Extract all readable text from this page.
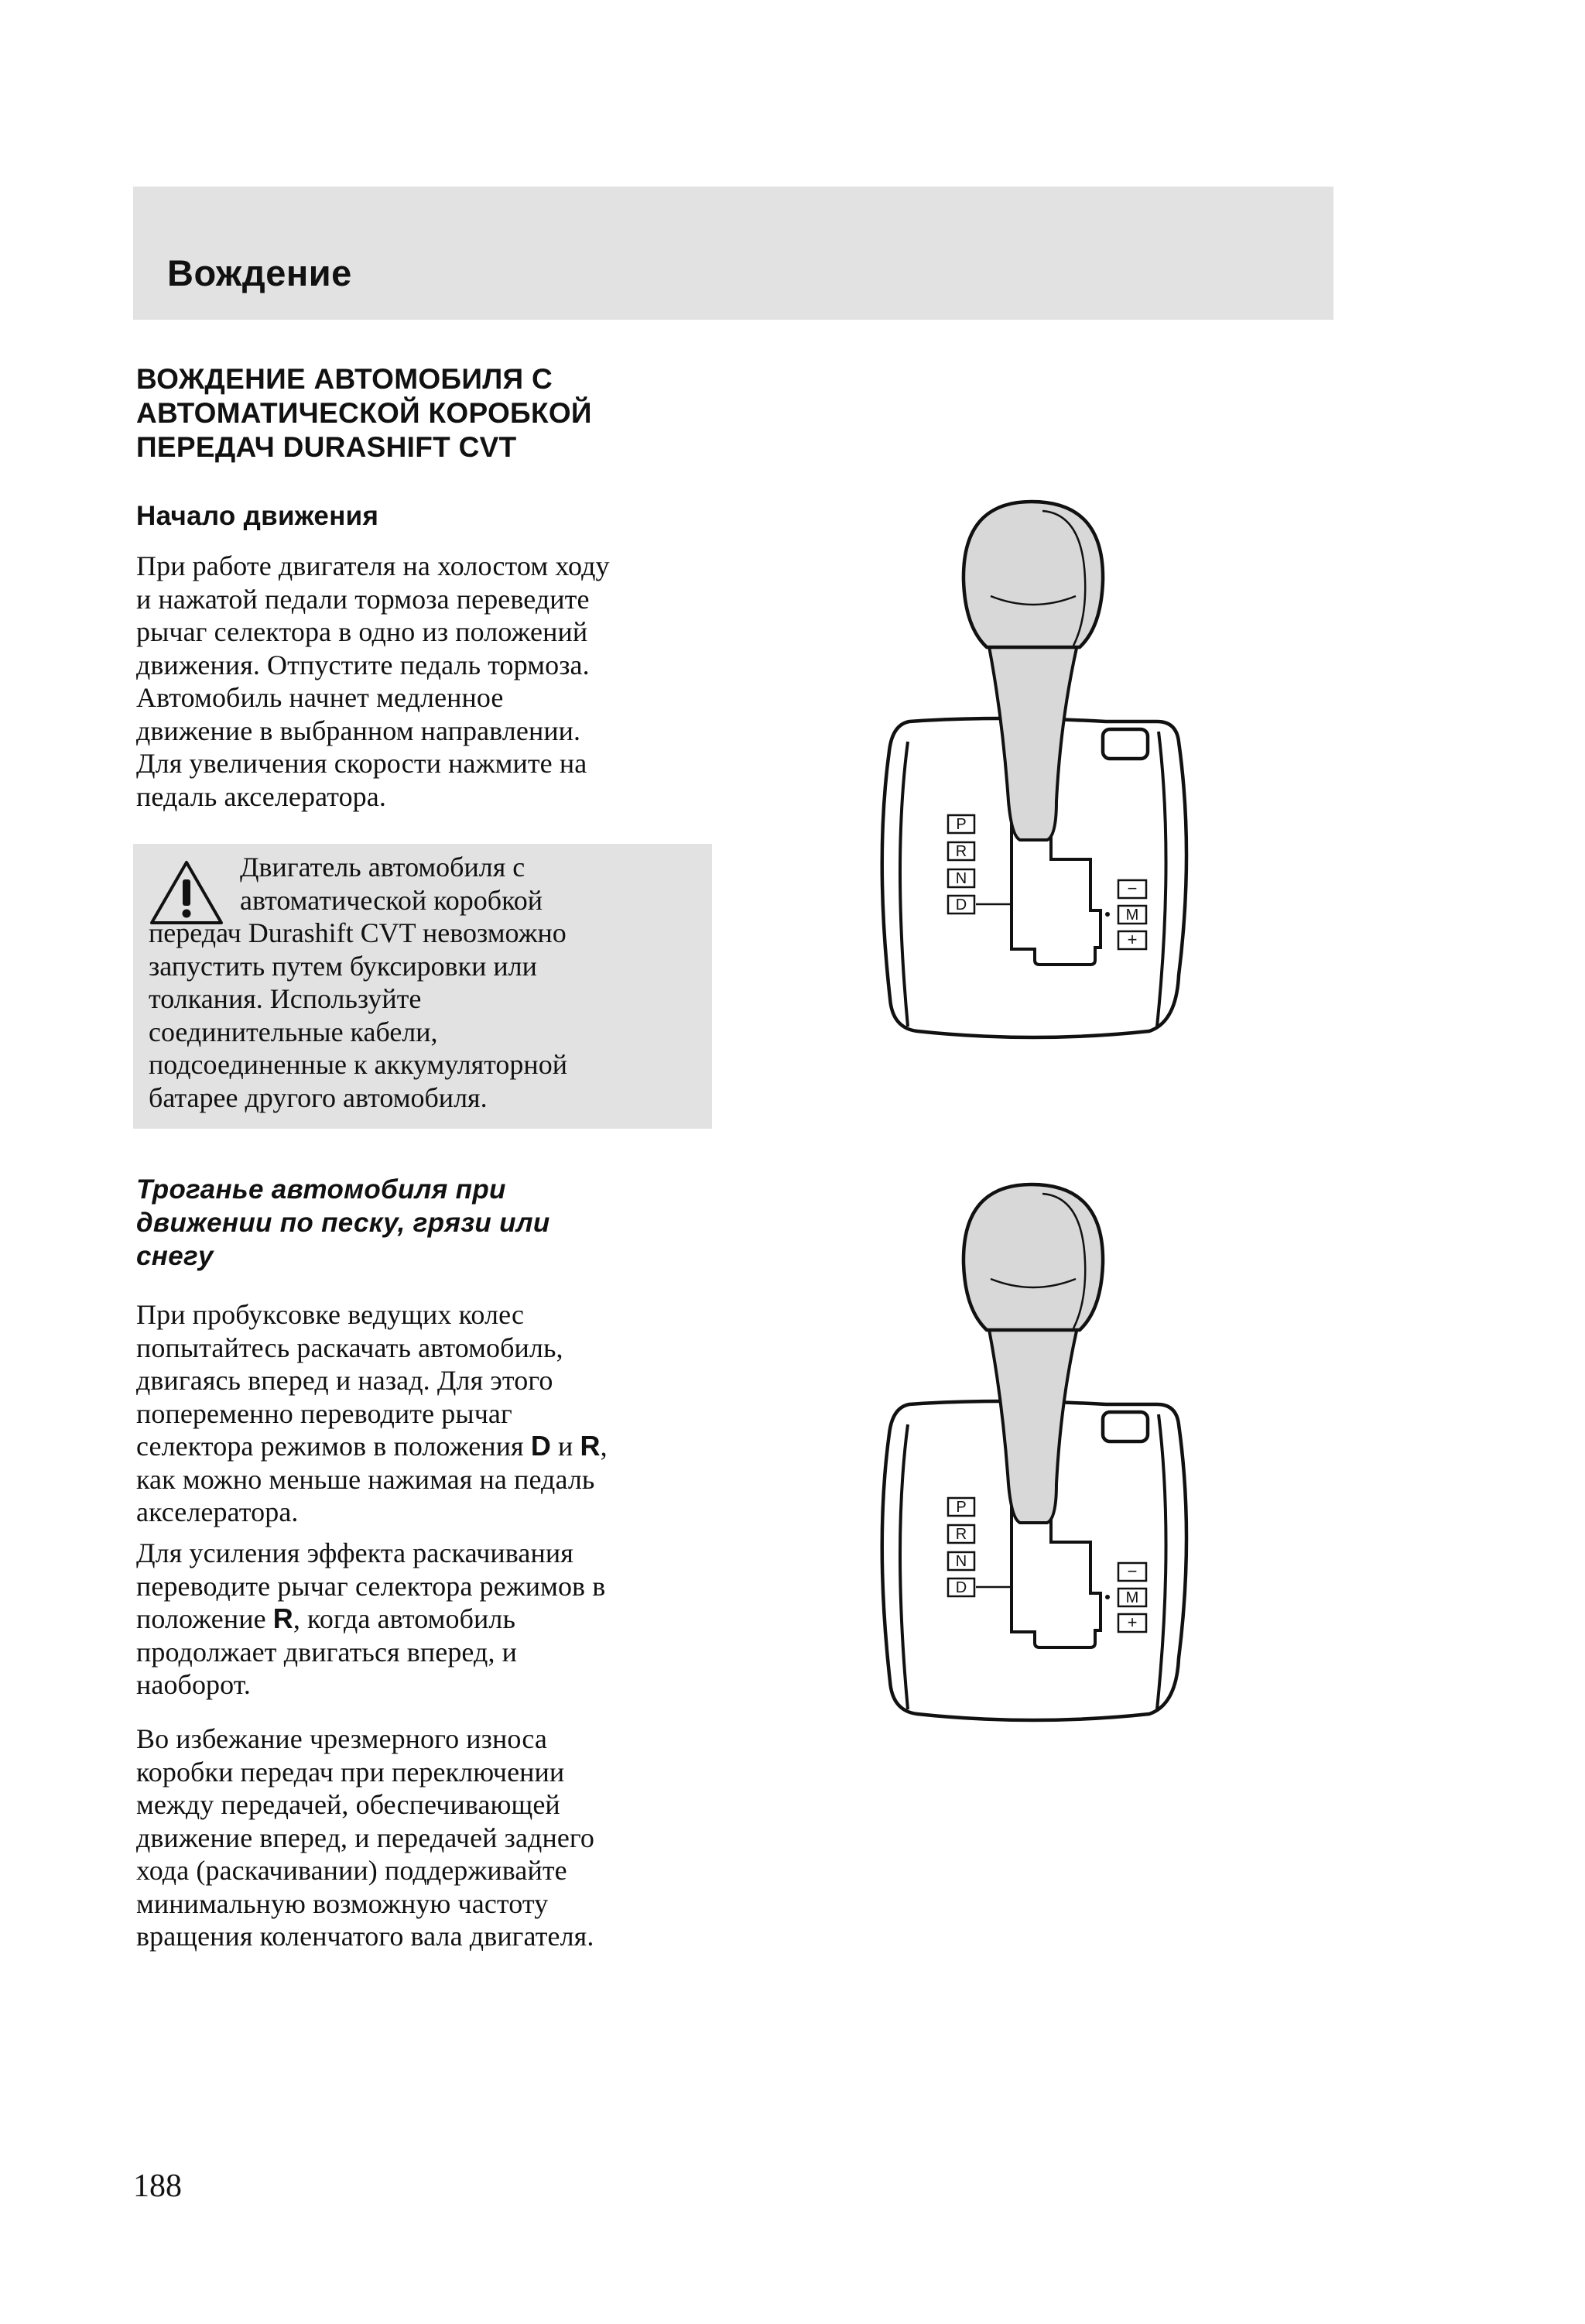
Вождение
ВОЖДЕНИЕ АВТОМОБИЛЯ С
АВТОМАТИЧЕСКОЙ КОРОБКОЙ
ПЕРЕДАЧ DURASHIFT CVT
Начало движения
При работе двигателя на холостом ходу
и нажатой педали тормоза переведите
рычаг селектора в одно из положений
движения. Отпустите педаль тормоза.
Автомобиль начнет медленное
движение в выбранном направлении.
Для увеличения скорости нажмите на
педаль акселератора.
Двигатель автомобиля с
автоматической коробкой
передач Durashift CVT невозможно
запустить путем буксировки или
толкания. Используйте
соединительные кабели,
подсоединенные к аккумуляторной
батарее другого автомобиля.
Троганье автомобиля при
движении по песку, грязи или
снегу
При пробуксовке ведущих колес
попытайтесь раскачать автомобиль,
двигаясь вперед и назад. Для этого
попеременно переводите рычаг
селектора режимов в положения D и R,
как можно меньше нажимая на педаль
акселератора.
Для усиления эффекта раскачивания
переводите рычаг селектора режимов в
положение R, когда автомобиль
продолжает двигаться вперед, и
наоборот.
Во избежание чрезмерного износа
коробки передач при переключении
между передачей, обеспечивающей
движение вперед, и передачей заднего
хода (раскачивании) поддерживайте
минимальную возможную частоту
вращения коленчатого вала двигателя.
P
R
N
D
−
M
+
P
R
N
D
−
M
+
188
